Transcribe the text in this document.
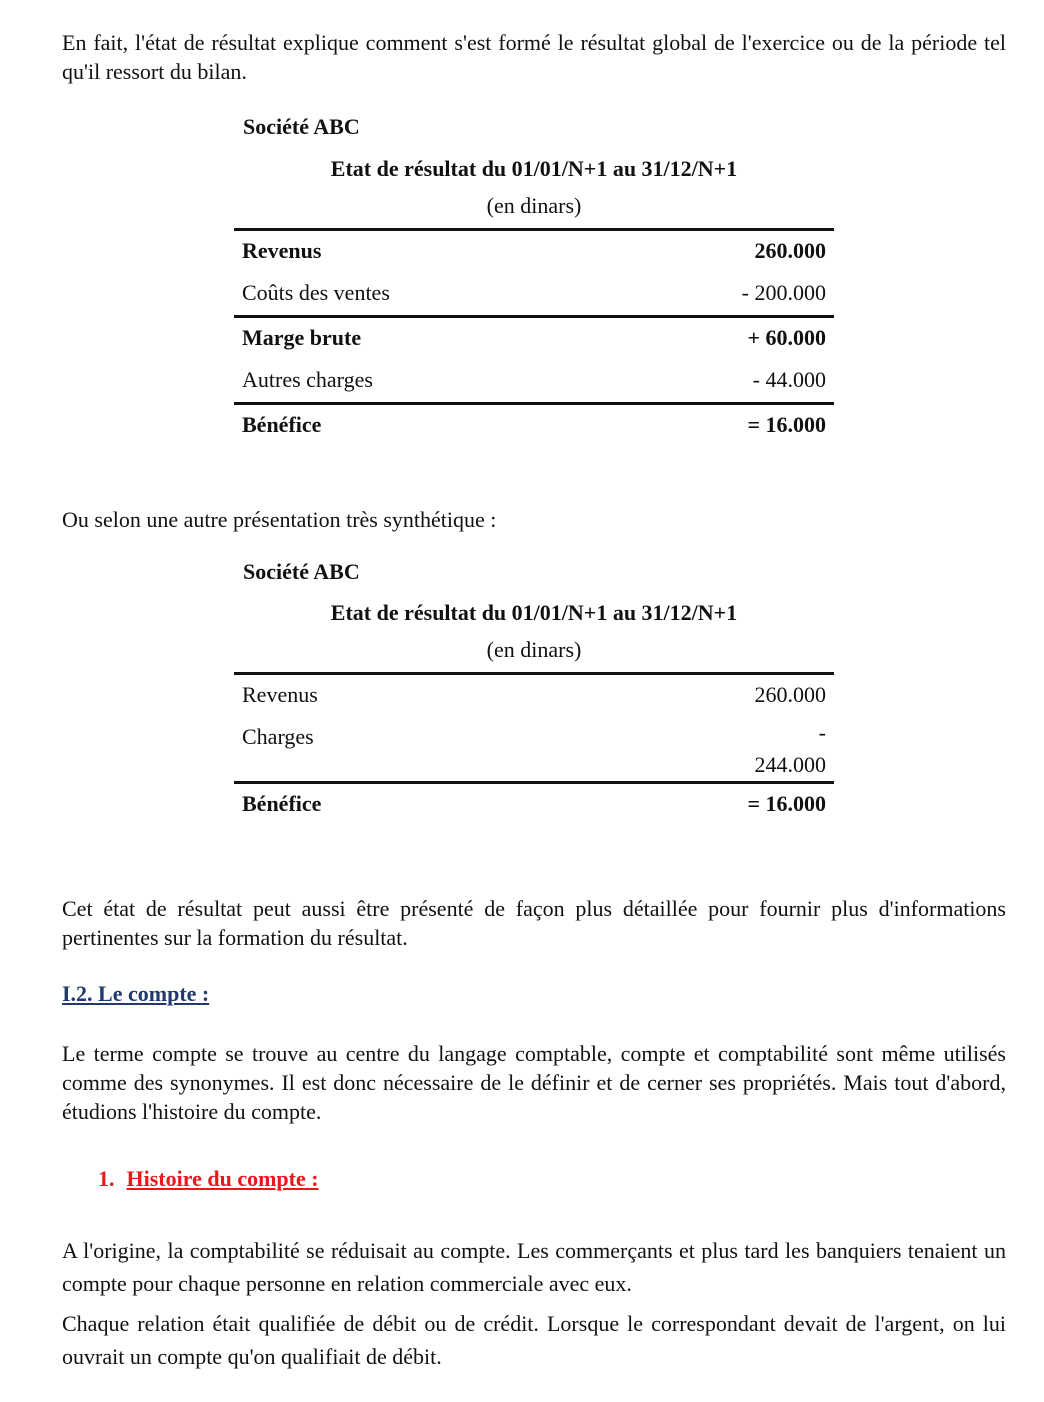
En fait, l'état de résultat explique comment s'est formé le résultat global de l'exercice ou de la période tel qu'il ressort du bilan.

Société ABC

Etat de résultat du 01/01/N+1 au 31/12/N+1

(en dinars)

Revenus	260.000
Coûts des ventes	- 200.000
Marge brute	+ 60.000
Autres charges	- 44.000
Bénéfice	= 16.000

Ou selon une autre présentation très synthétique :

Société ABC

Etat de résultat du 01/01/N+1 au 31/12/N+1

(en dinars)

Revenus	260.000
Charges	-
244.000

Bénéfice	= 16.000

Cet état de résultat peut aussi être présenté de façon plus détaillée pour fournir plus d'informations pertinentes sur la formation du résultat.

I.2. Le compte :

Le terme compte se trouve au centre du langage comptable, compte et comptabilité sont même utilisés comme des synonymes. Il est donc nécessaire de le définir et de cerner ses propriétés. Mais tout d'abord, étudions l'histoire du compte.

1. Histoire du compte :

A l'origine, la comptabilité se réduisait au compte. Les commerçants et plus tard les banquiers tenaient un compte pour chaque personne en relation commerciale avec eux.

Chaque relation était qualifiée de débit ou de crédit. Lorsque le correspondant devait de l'argent, on lui ouvrait un compte qu'on qualifiait de débit.
